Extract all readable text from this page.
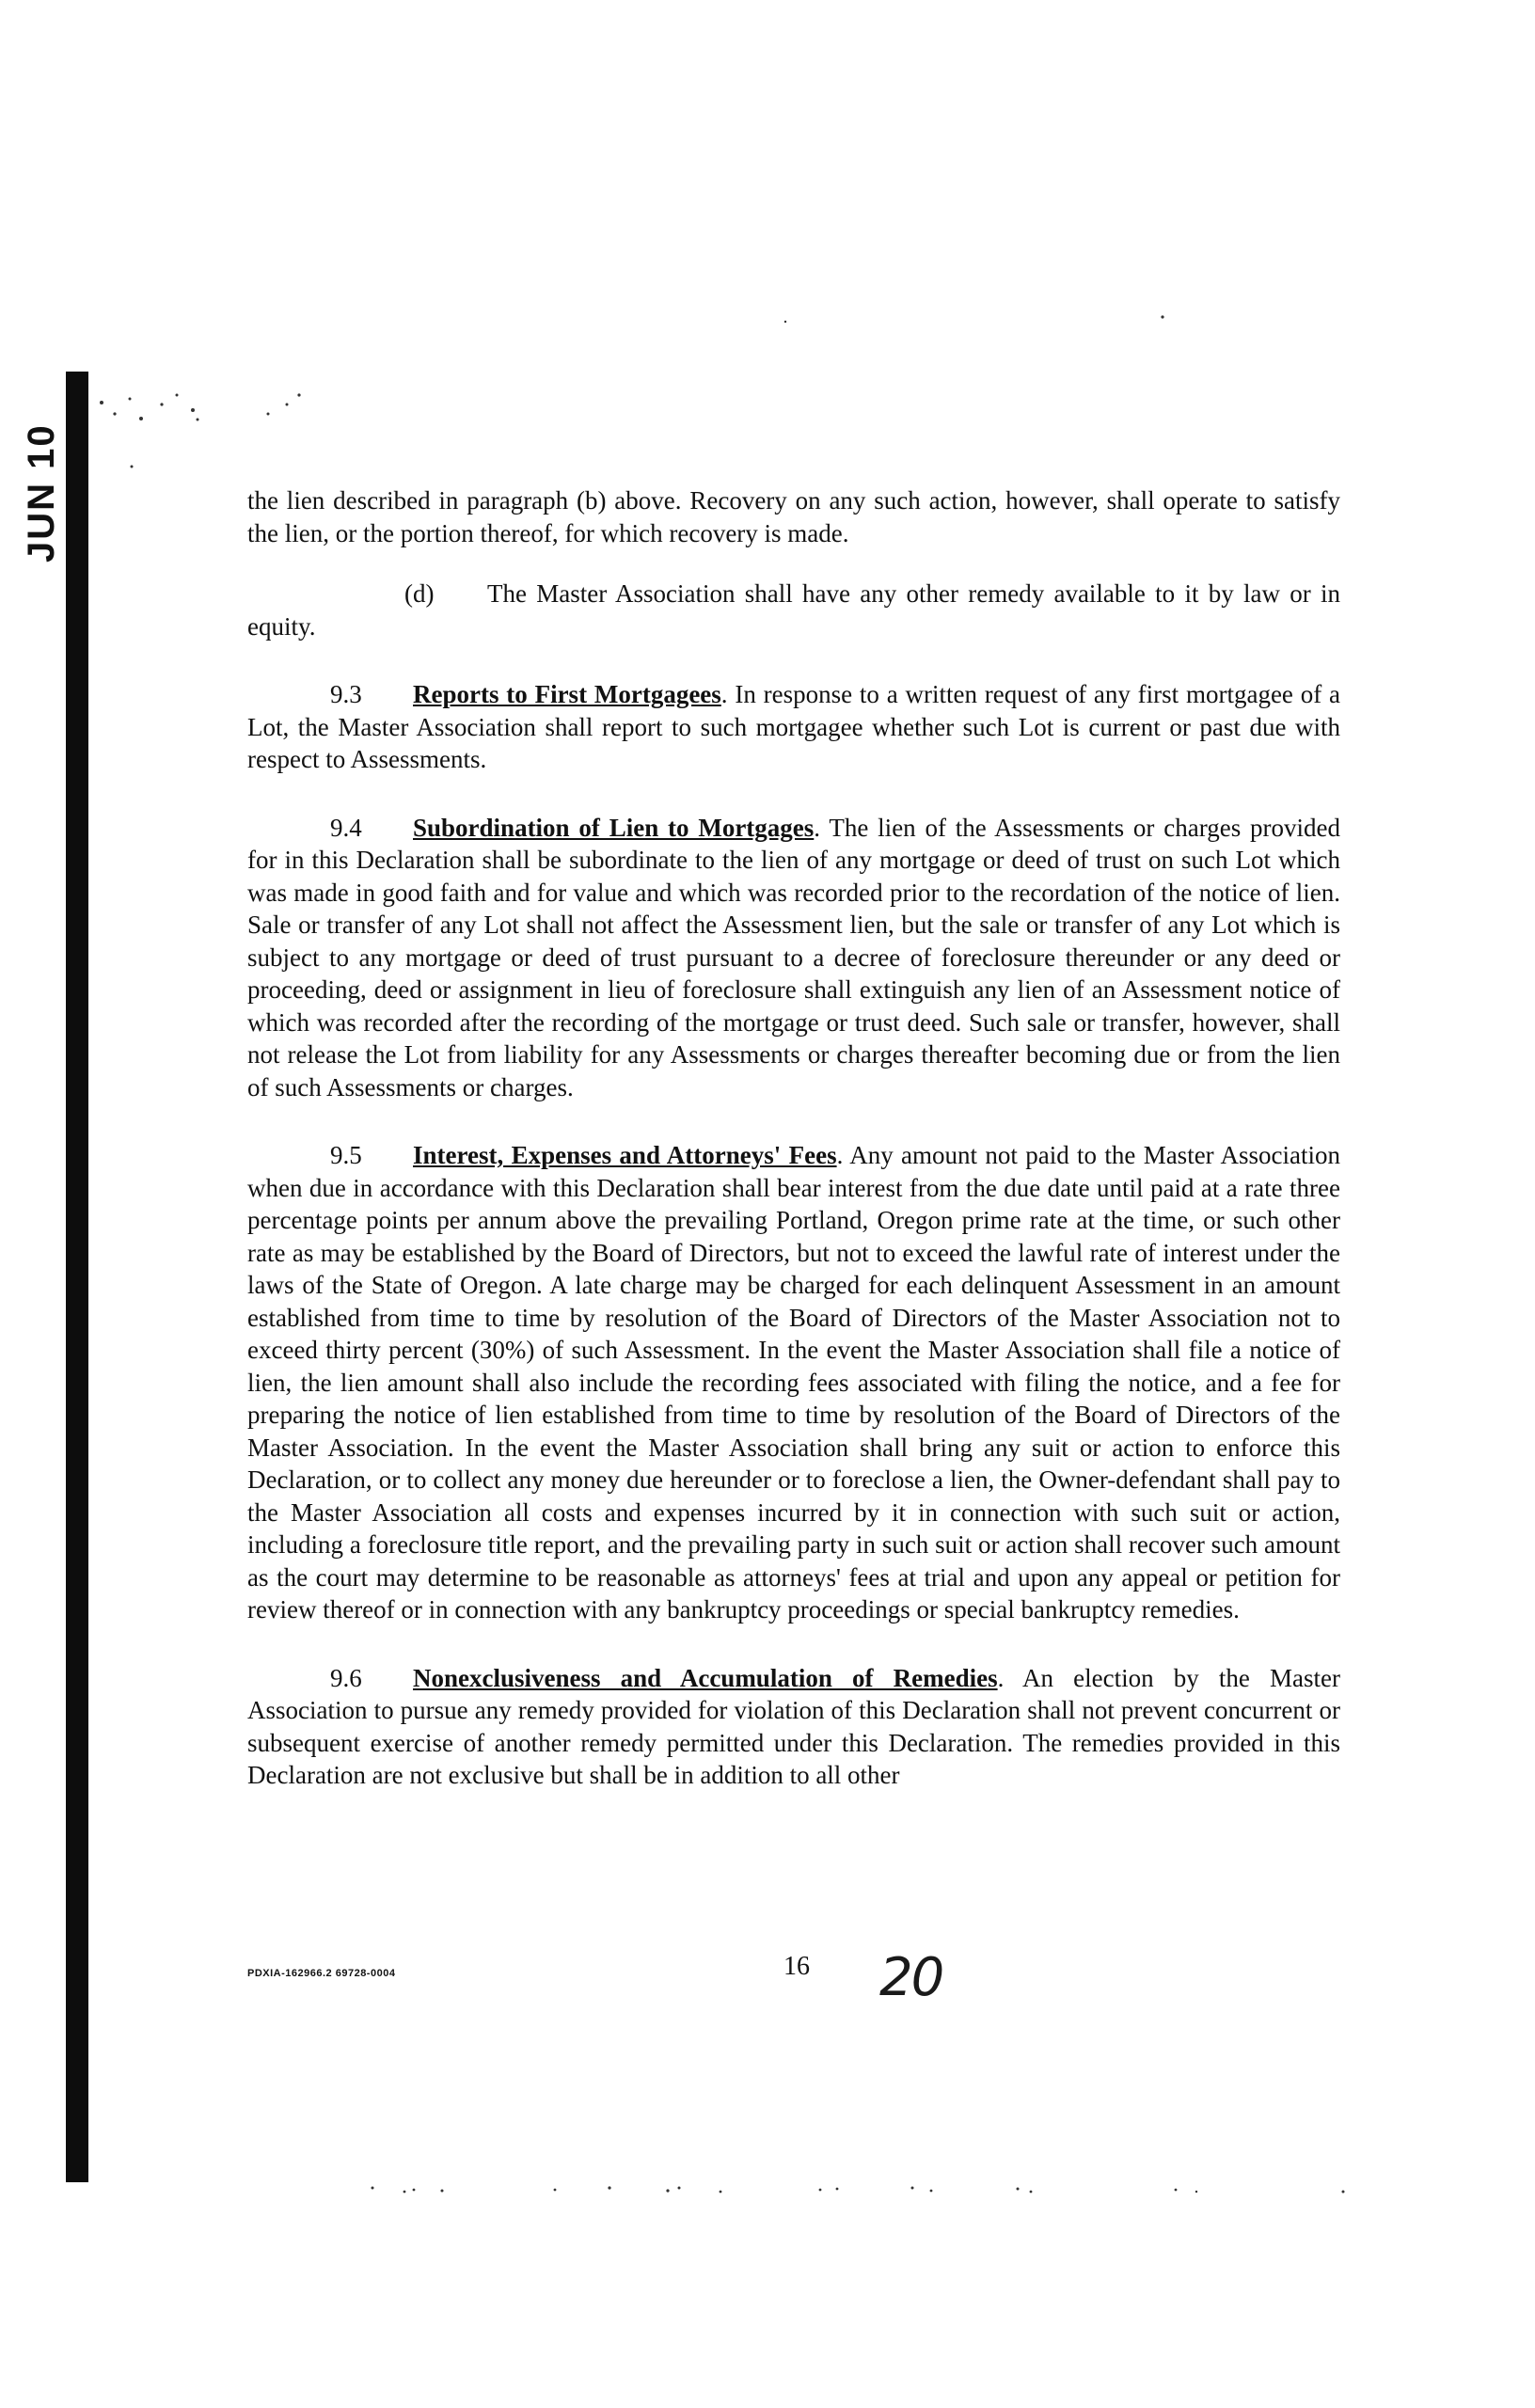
JUN 10	the lien described in paragraph (b) above. Recovery on any such action, however, shall operate to satisfy the lien, or the portion thereof, for which recovery is made.

(d) The Master Association shall have any other remedy available to it by law or in equity.

9.3 Reports to First Mortgagees. In response to a written request of any first mortgagee of a Lot, the Master Association shall report to such mortgagee whether such Lot is current or past due with respect to Assessments.

9.4 Subordination of Lien to Mortgages. The lien of the Assessments or charges provided for in this Declaration shall be subordinate to the lien of any mortgage or deed of trust on such Lot which was made in good faith and for value and which was recorded prior to the recordation of the notice of lien. Sale or transfer of any Lot shall not affect the Assessment lien, but the sale or transfer of any Lot which is subject to any mortgage or deed of trust pursuant to a decree of foreclosure thereunder or any deed or proceeding, deed or assignment in lieu of foreclosure shall extinguish any lien of an Assessment notice of which was recorded after the recording of the mortgage or trust deed. Such sale or transfer, however, shall not release the Lot from liability for any Assessments or charges thereafter becoming due or from the lien of such Assessments or charges.

9.5 Interest, Expenses and Attorneys' Fees. Any amount not paid to the Master Association when due in accordance with this Declaration shall bear interest from the due date until paid at a rate three percentage points per annum above the prevailing Portland, Oregon prime rate at the time, or such other rate as may be established by the Board of Directors, but not to exceed the lawful rate of interest under the laws of the State of Oregon. A late charge may be charged for each delinquent Assessment in an amount established from time to time by resolution of the Board of Directors of the Master Association not to exceed thirty percent (30%) of such Assessment. In the event the Master Association shall file a notice of lien, the lien amount shall also include the recording fees associated with filing the notice, and a fee for preparing the notice of lien established from time to time by resolution of the Board of Directors of the Master Association. In the event the Master Association shall bring any suit or action to enforce this Declaration, or to collect any money due hereunder or to foreclose a lien, the Owner-defendant shall pay to the Master Association all costs and expenses incurred by it in connection with such suit or action, including a foreclosure title report, and the prevailing party in such suit or action shall recover such amount as the court may determine to be reasonable as attorneys' fees at trial and upon any appeal or petition for review thereof or in connection with any bankruptcy proceedings or special bankruptcy remedies.

9.6 Nonexclusiveness and Accumulation of Remedies. An election by the Master Association to pursue any remedy provided for violation of this Declaration shall not prevent concurrent or subsequent exercise of another remedy permitted under this Declaration. The remedies provided in this Declaration are not exclusive but shall be in addition to all other

PDXIA-162966.2 69728-0004	16 20
